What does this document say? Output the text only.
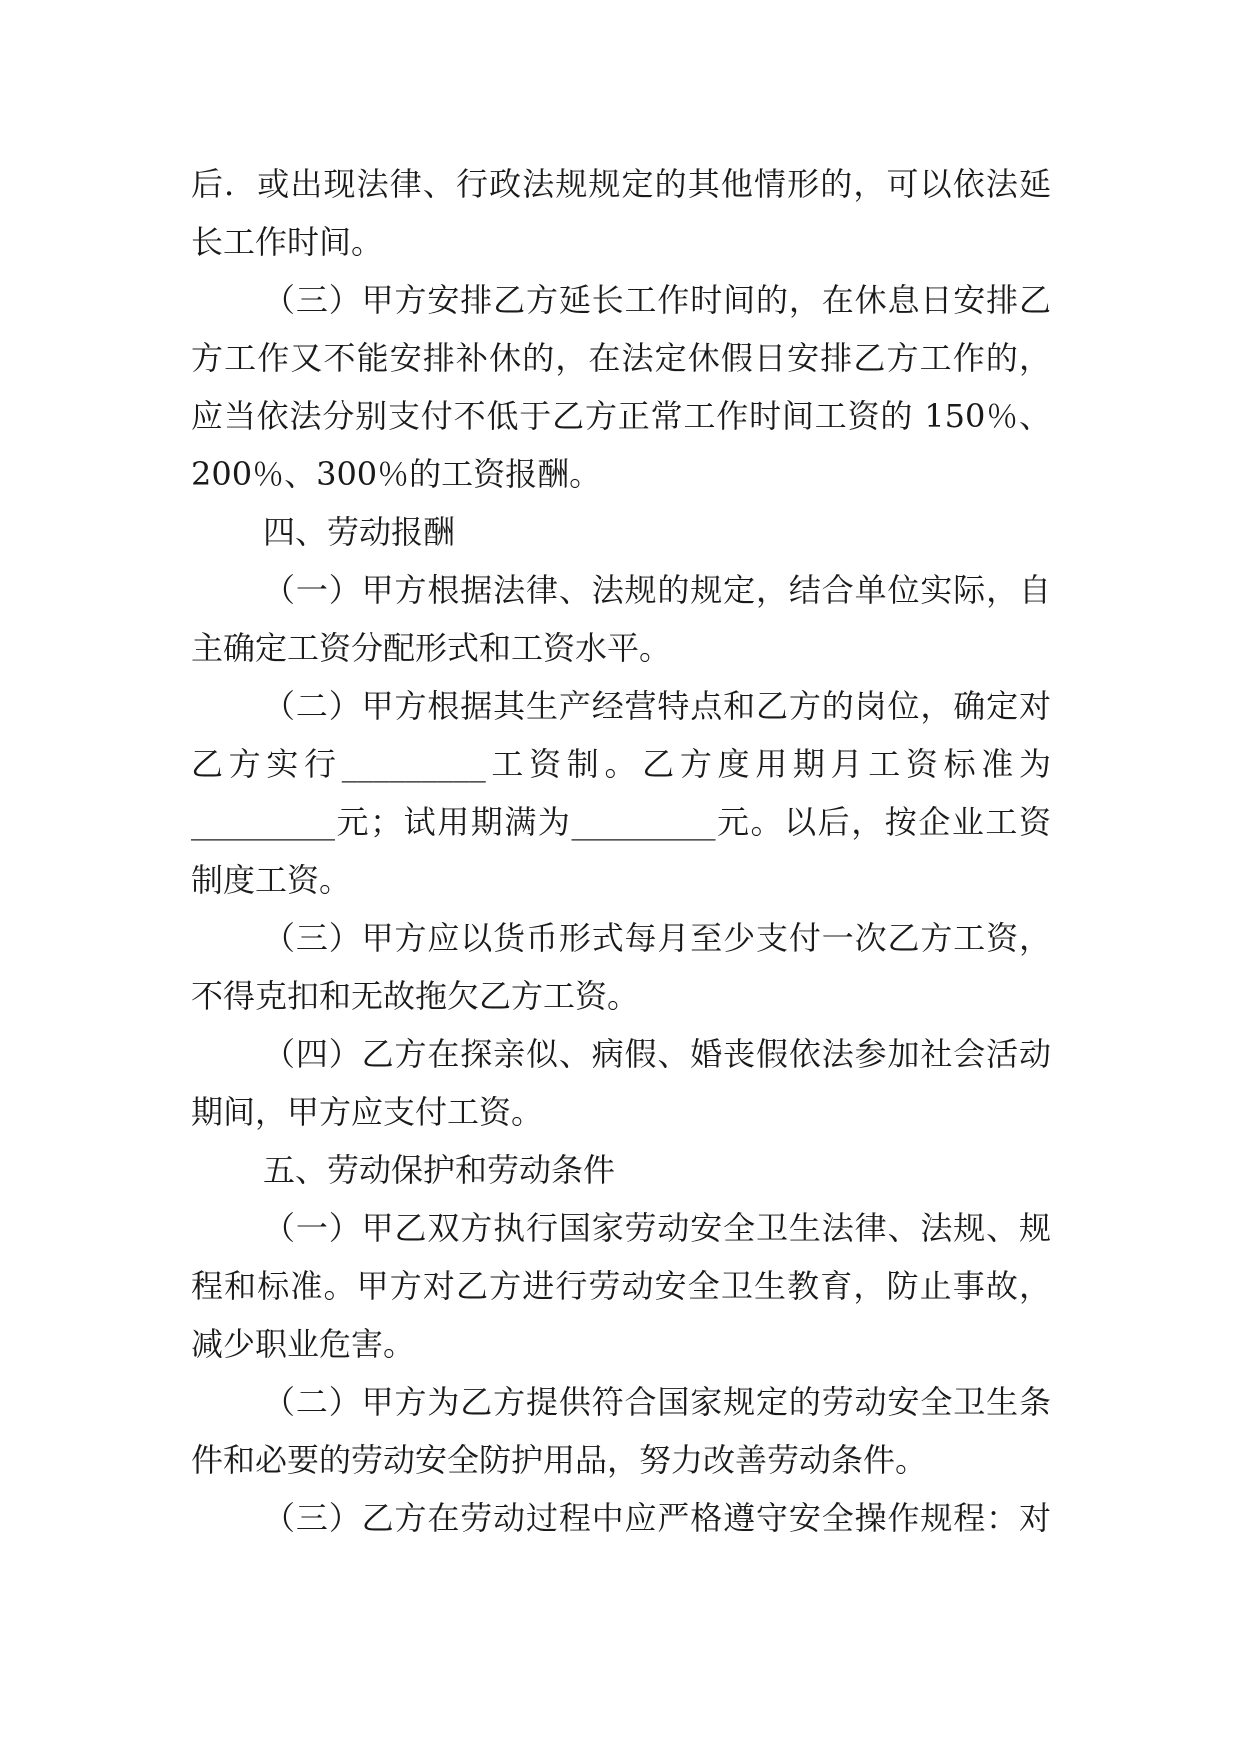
后．或出现法律、行政法规规定的其他情形的，可以依法延
长工作时间。
（三）甲方安排乙方延长工作时间的，在休息日安排乙
方工作又不能安排补休的，在法定休假日安排乙方工作的，
应当依法分别支付不低于乙方正常工作时间工资的 150％、
200％、300％的工资报酬。
四、劳动报酬
（一）甲方根据法律、法规的规定，结合单位实际，自
主确定工资分配形式和工资水平。
（二）甲方根据其生产经营特点和乙方的岗位，确定对
乙方实行_________工资制。乙方度用期月工资标准为
_________元；试用期满为_________元。以后，按企业工资
制度工资。
（三）甲方应以货币形式每月至少支付一次乙方工资，
不得克扣和无故拖欠乙方工资。
（四）乙方在探亲似、病假、婚丧假依法参加社会活动
期间，甲方应支付工资。
五、劳动保护和劳动条件
（一）甲乙双方执行国家劳动安全卫生法律、法规、规
程和标准。甲方对乙方进行劳动安全卫生教育，防止事故，
减少职业危害。
（二）甲方为乙方提供符合国家规定的劳动安全卫生条
件和必要的劳动安全防护用品，努力改善劳动条件。
（三）乙方在劳动过程中应严格遵守安全操作规程：对
